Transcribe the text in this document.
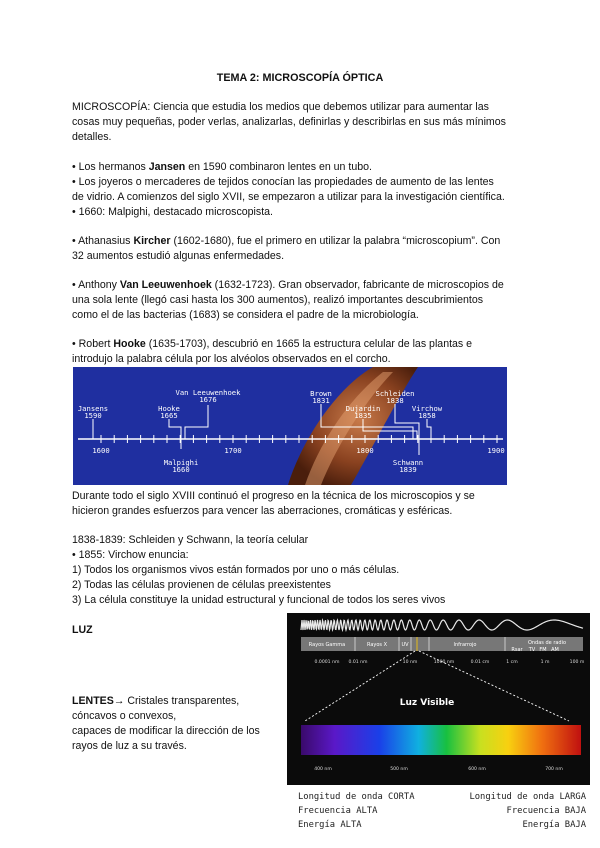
TEMA 2: MICROSCOPÍA ÓPTICA
MICROSCOPÍA: Ciencia que estudia los medios que debemos utilizar para aumentar las
cosas muy pequeñas, poder verlas, analizarlas, definirlas y describirlas en sus más mínimos
detalles.
• Los hermanos Jansen en 1590 combinaron lentes en un tubo.
• Los joyeros o mercaderes de tejidos conocían las propiedades de aumento de las lentes
de vidrio. A comienzos del siglo XVII, se empezaron a utilizar para la investigación científica.
• 1660: Malpighi, destacado microscopista.
• Athanasius Kircher (1602-1680), fue el primero en utilizar la palabra “microscopium”. Con
32 aumentos estudió algunas enfermedades.
• Anthony Van Leeuwenhoek (1632-1723). Gran observador, fabricante de microscopios de
una sola lente (llegó casi hasta los 300 aumentos), realizó importantes descubrimientos
como el de las bacterias (1683) se considera el padre de la microbiología.
• Robert Hooke (1635-1703), descubrió en 1665 la estructura celular de las plantas e
introdujo la palabra célula por los alvéolos observados en el corcho.
Jansens
1590
Hooke
1665
Van Leeuwenhoek
1676
Malpighi
1660
Brown
1831
Dujardin
1835
Schleiden
1838
Virchow
1858
Schwann
1839
1600	1700	1800	1900
Durante todo el siglo XVIII continuó el progreso en la técnica de los microscopios y se
hicieron grandes esfuerzos para vencer las aberraciones, cromáticas y esféricas.
1838-1839: Schleiden y Schwann, la teoría celular
• 1855: Virchow enuncia:
1) Todos los organismos vivos están formados por uno o más células.
2) Todas las células provienen de células preexistentes
3) La célula constituye la unidad estructural y funcional de todos los seres vivos
LUZ
LENTES→ Cristales transparentes,
cóncavos o convexos,
capaces de modificar la dirección de los
rayos de luz a su través.
Rayos Gamma	Rayos X	UV	Infrarrojo	Ondas de radio
Rsar TV FM AM
0.0001 nm 0.01 nm	10 nm	1000 nm	0.01 cm	1 cm	1 m	100 m
Luz Visible
400 nm	500 nm	600 nm	700 nm
Longitud de onda CORTA
Frecuencia ALTA
Energía ALTA
Longitud de onda LARGA
Frecuencia BAJA
Energía BAJA
